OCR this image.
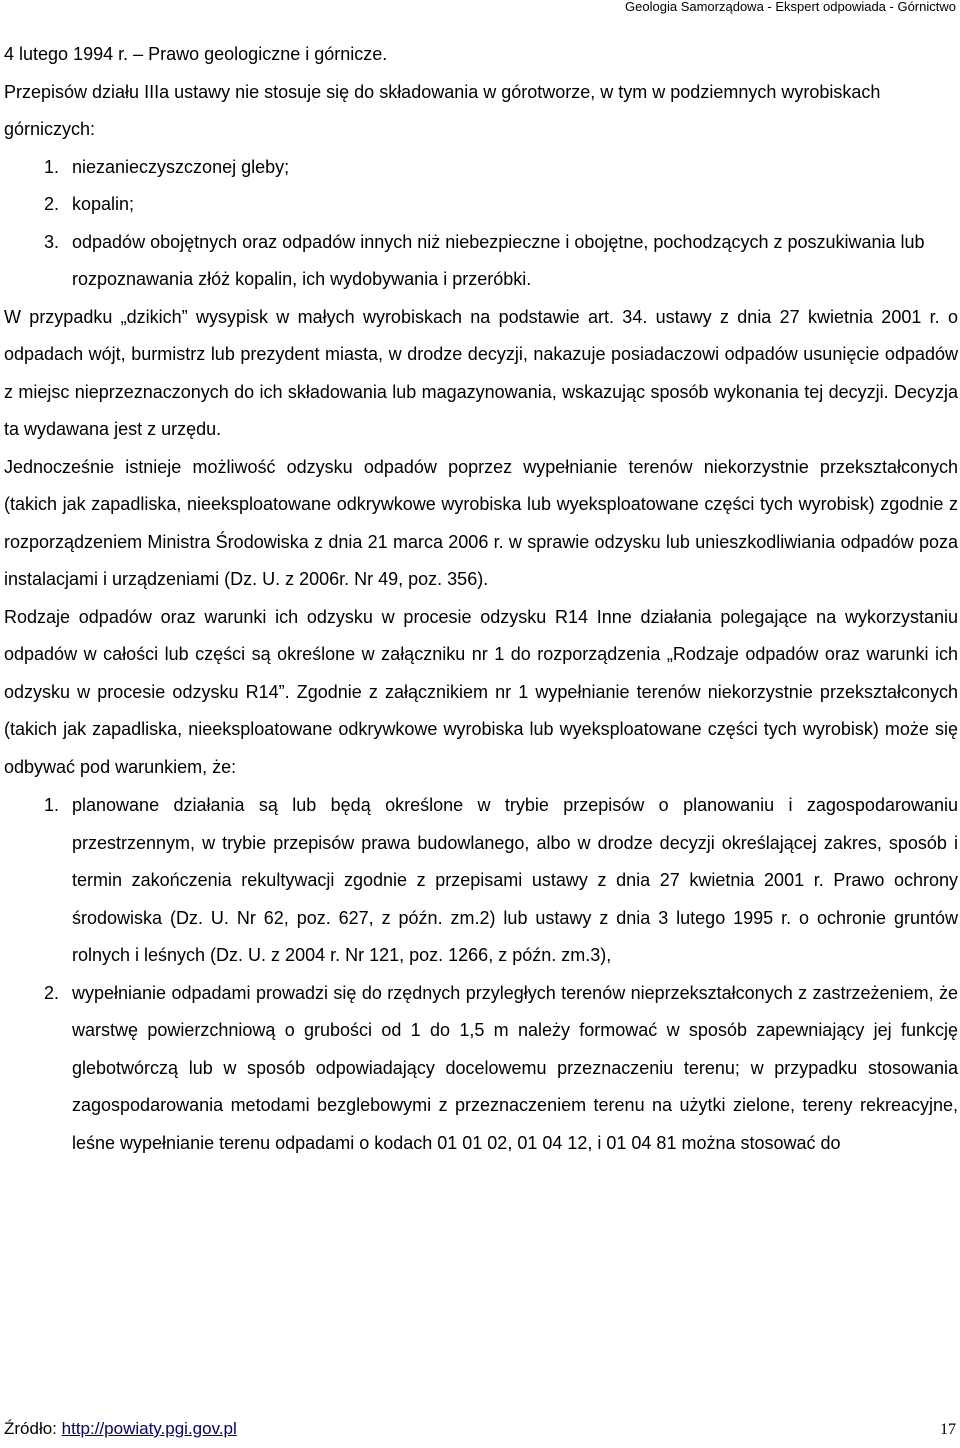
Geologia Samorządowa - Ekspert odpowiada - Górnictwo

4 lutego 1994 r. – Prawo geologiczne i górnicze.

Przepisów działu IIIa ustawy nie stosuje się do składowania w górotworze, w tym w podziemnych wyrobiskach górniczych:

1. niezanieczyszczonej gleby;
2. kopalin;
3. odpadów obojętnych oraz odpadów innych niż niebezpieczne i obojętne, pochodzących z poszukiwania lub rozpoznawania złóż kopalin, ich wydobywania i przeróbki.

W przypadku „dzikich” wysypisk w małych wyrobiskach na podstawie art. 34. ustawy z dnia 27 kwietnia 2001 r. o odpadach wójt, burmistrz lub prezydent miasta, w drodze decyzji, nakazuje posiadaczowi odpadów usunięcie odpadów z miejsc nieprzeznaczonych do ich składowania lub magazynowania, wskazując sposób wykonania tej decyzji. Decyzja ta wydawana jest z urzędu.

Jednocześnie istnieje możliwość odzysku odpadów poprzez wypełnianie terenów niekorzystnie przekształconych (takich jak zapadliska, nieeksploatowane odkrywkowe wyrobiska lub wyeksploatowane części tych wyrobisk) zgodnie z rozporządzeniem Ministra Środowiska z dnia 21 marca 2006 r. w sprawie odzysku lub unieszkodliwiania odpadów poza instalacjami i urządzeniami (Dz. U. z 2006r. Nr 49, poz. 356).

Rodzaje odpadów oraz warunki ich odzysku w procesie odzysku R14 Inne działania polegające na wykorzystaniu odpadów w całości lub części są określone w załączniku nr 1 do rozporządzenia „Rodzaje odpadów oraz warunki ich odzysku w procesie odzysku R14”. Zgodnie z załącznikiem nr 1 wypełnianie terenów niekorzystnie przekształconych (takich jak zapadliska, nieeksploatowane odkrywkowe wyrobiska lub wyeksploatowane części tych wyrobisk) może się odbywać pod warunkiem, że:

1. planowane działania są lub będą określone w trybie przepisów o planowaniu i zagospodarowaniu przestrzennym, w trybie przepisów prawa budowlanego, albo w drodze decyzji określającej zakres, sposób i termin zakończenia rekultywacji zgodnie z przepisami ustawy z dnia 27 kwietnia 2001 r. Prawo ochrony środowiska (Dz. U. Nr 62, poz. 627, z późn. zm.2) lub ustawy z dnia 3 lutego 1995 r. o ochronie gruntów rolnych i leśnych (Dz. U. z 2004 r. Nr 121, poz. 1266, z późn. zm.3),
2. wypełnianie odpadami prowadzi się do rzędnych przyległych terenów nieprzekształconych z zastrzeżeniem, że warstwę powierzchniową o grubości od 1 do 1,5 m należy formować w sposób zapewniający jej funkcję glebotwórczą lub w sposób odpowiadający docelowemu przeznaczeniu terenu; w przypadku stosowania zagospodarowania metodami bezglebowymi z przeznaczeniem terenu na użytki zielone, tereny rekreacyjne, leśne wypełnianie terenu odpadami o kodach 01 01 02, 01 04 12, i 01 04 81 można stosować do
Źródło: http://powiaty.pgi.gov.pl	17
